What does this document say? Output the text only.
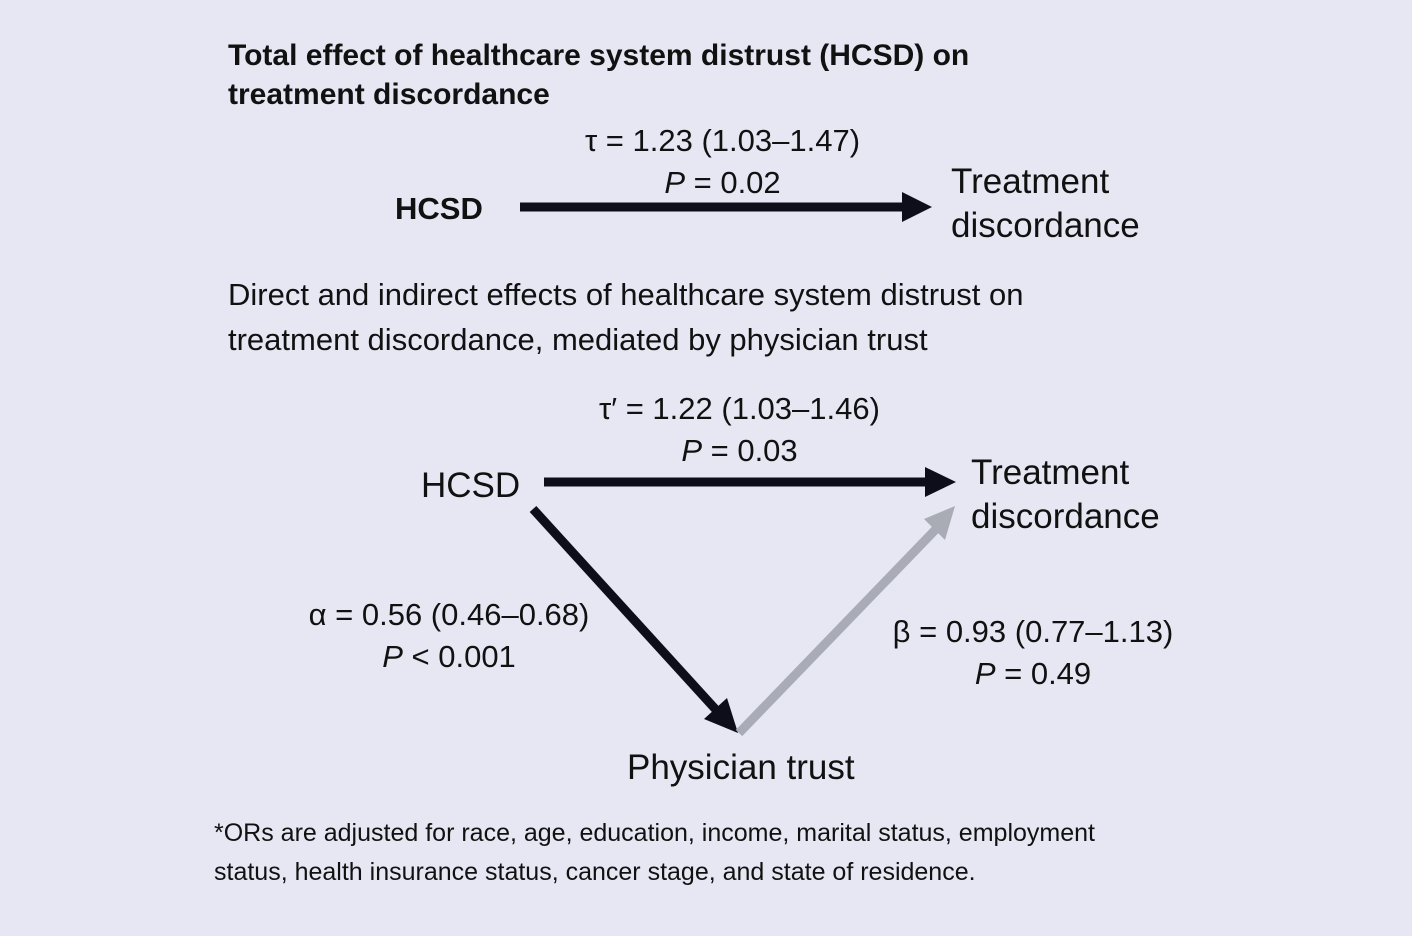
Total effect of healthcare system distrust (HCSD) on
treatment discordance
τ = 1.23 (1.03–1.47)
P = 0.02
HCSD
Treatment
discordance
Direct and indirect effects of healthcare system distrust on
treatment discordance, mediated by physician trust
τ′ = 1.22 (1.03–1.46)
P = 0.03
HCSD	Treatment
discordance
α = 0.56 (0.46–0.68)
P < 0.001
β = 0.93 (0.77–1.13)
P = 0.49
Physician trust
*ORs are adjusted for race, age, education, income, marital status, employment
status, health insurance status, cancer stage, and state of residence.
